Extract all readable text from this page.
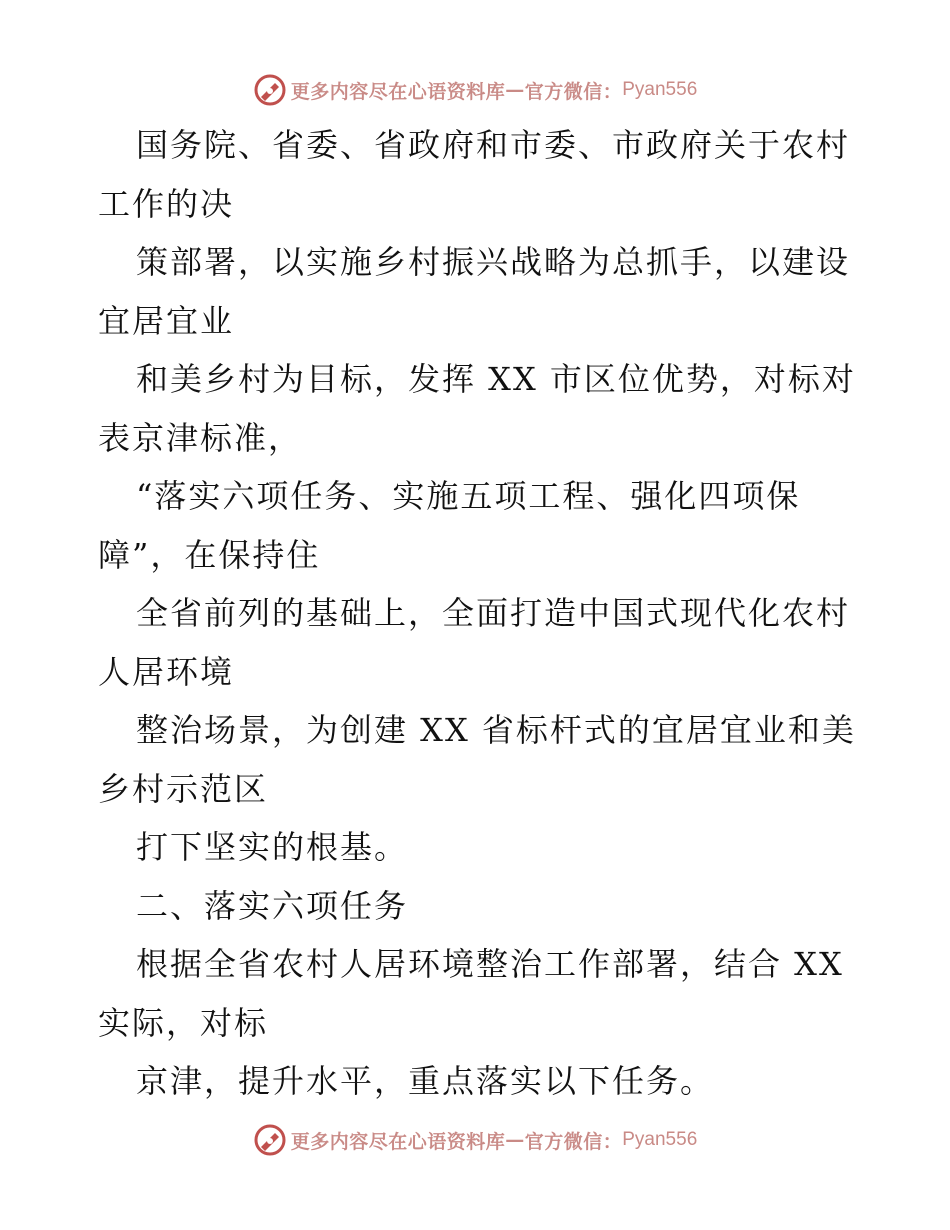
更多内容尽在心语资料库 — 官方微信： Pyan556
国务院、省委、省政府和市委、市政府关于农村
工作的决
策部署，以实施乡村振兴战略为总抓手，以建设
宜居宜业
和美乡村为目标，发挥 XX 市区位优势，对标对
表京津标准，
“落实六项任务、实施五项工程、强化四项保
障”，在保持住
全省前列的基础上，全面打造中国式现代化农村
人居环境
整治场景，为创建 XX 省标杆式的宜居宜业和美
乡村示范区
打下坚实的根基。
二、落实六项任务
根据全省农村人居环境整治工作部署，结合 XX
实际，对标
京津，提升水平，重点落实以下任务。
更多内容尽在心语资料库 — 官方微信： Pyan556
